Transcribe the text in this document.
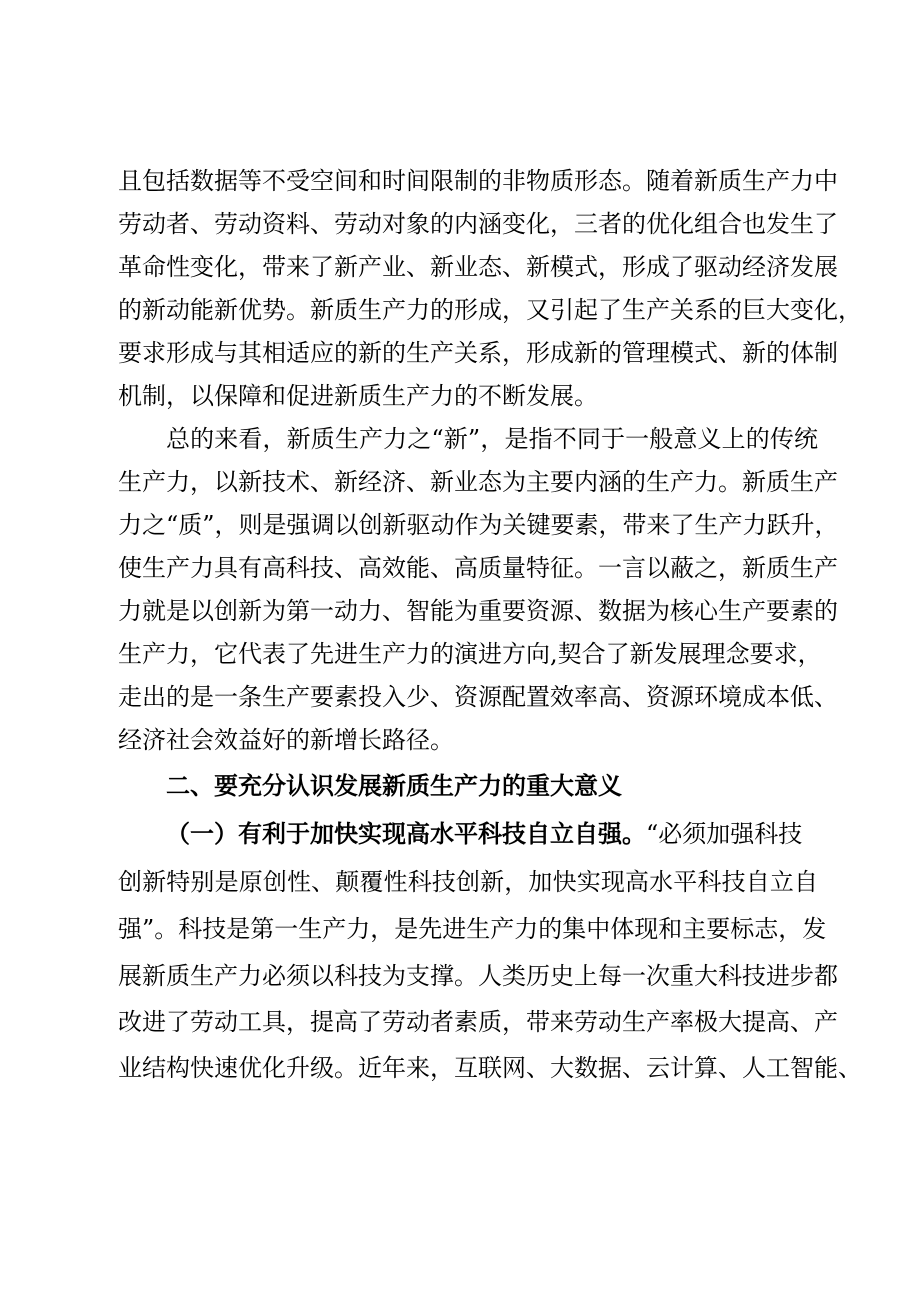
且包括数据等不受空间和时间限制的非物质形态。随着新质生产力中
劳动者、劳动资料、劳动对象的内涵变化，三者的优化组合也发生了
革命性变化，带来了新产业、新业态、新模式，形成了驱动经济发展
的新动能新优势。新质生产力的形成，又引起了生产关系的巨大变化，
要求形成与其相适应的新的生产关系，形成新的管理模式、新的体制
机制，以保障和促进新质生产力的不断发展。
总的来看，新质生产力之“新”，是指不同于一般意义上的传统
生产力，以新技术、新经济、新业态为主要内涵的生产力。新质生产
力之“质”，则是强调以创新驱动作为关键要素，带来了生产力跃升，
使生产力具有高科技、高效能、高质量特征。一言以蔽之，新质生产
力就是以创新为第一动力、智能为重要资源、数据为核心生产要素的
生产力，它代表了先进生产力的演进方向,契合了新发展理念要求，
走出的是一条生产要素投入少、资源配置效率高、资源环境成本低、
经济社会效益好的新增长路径。
二、要充分认识发展新质生产力的重大意义
（一）有利于加快实现高水平科技自立自强。“必须加强科技
创新特别是原创性、颠覆性科技创新，加快实现高水平科技自立自
强”。科技是第一生产力，是先进生产力的集中体现和主要标志，发
展新质生产力必须以科技为支撑。人类历史上每一次重大科技进步都
改进了劳动工具，提高了劳动者素质，带来劳动生产率极大提高、产
业结构快速优化升级。近年来，互联网、大数据、云计算、人工智能、
